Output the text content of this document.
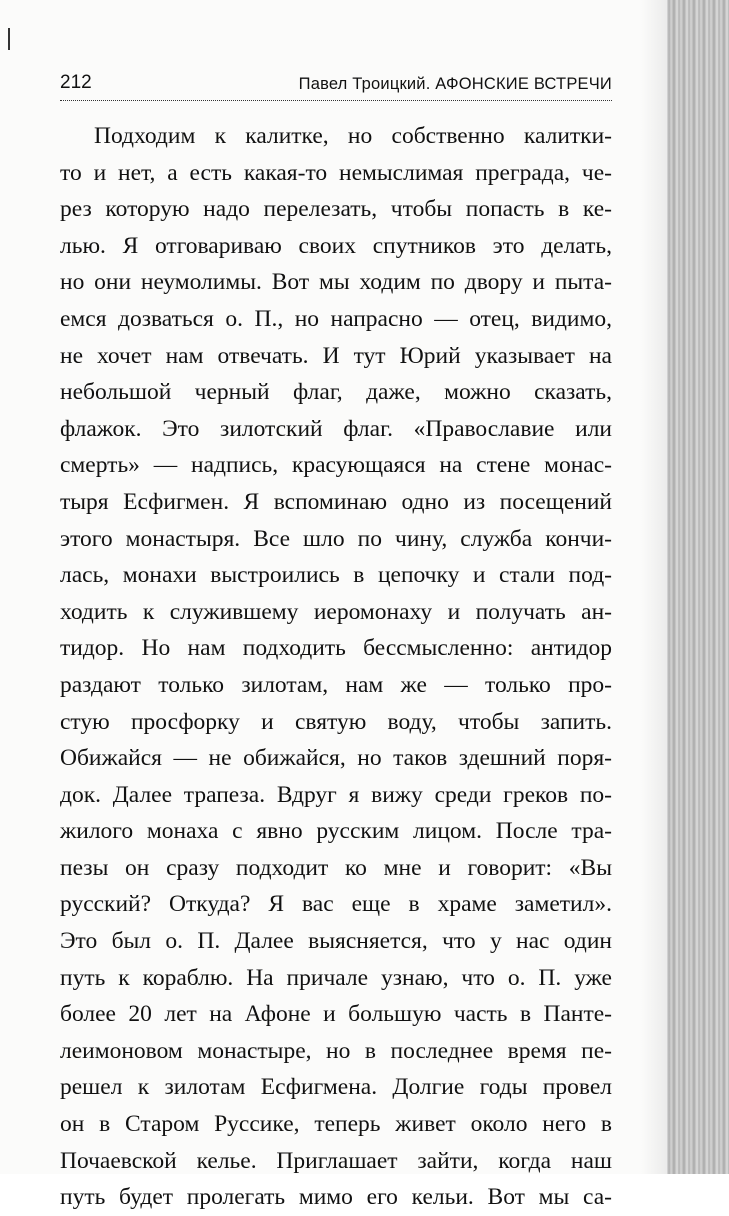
212	Павел Троицкий. АФОНСКИЕ ВСТРЕЧИ
Подходим к калитке, но собственно калитки-
то и нет, а есть какая-то немыслимая преграда, че-
рез которую надо перелезать, чтобы попасть в ке-
лью. Я отговариваю своих спутников это делать,
но они неумолимы. Вот мы ходим по двору и пыта-
емся дозваться о. П., но напрасно — отец, видимо,
не хочет нам отвечать. И тут Юрий указывает на
небольшой черный флаг, даже, можно сказать,
флажок. Это зилотский флаг. «Православие или
смерть» — надпись, красующаяся на стене монас-
тыря Есфигмен. Я вспоминаю одно из посещений
этого монастыря. Все шло по чину, служба кончи-
лась, монахи выстроились в цепочку и стали под-
ходить к служившему иеромонаху и получать ан-
тидор. Но нам подходить бессмысленно: антидор
раздают только зилотам, нам же — только про-
стую просфорку и святую воду, чтобы запить.
Обижайся — не обижайся, но таков здешний поря-
док. Далее трапеза. Вдруг я вижу среди греков по-
жилого монаха с явно русским лицом. После тра-
пезы он сразу подходит ко мне и говорит: «Вы
русский? Откуда? Я вас еще в храме заметил».
Это был о. П. Далее выясняется, что у нас один
путь к кораблю. На причале узнаю, что о. П. уже
более 20 лет на Афоне и большую часть в Панте-
леимоновом монастыре, но в последнее время пе-
решел к зилотам Есфигмена. Долгие годы провел
он в Старом Руссике, теперь живет около него в
Почаевской келье. Приглашает зайти, когда наш
путь будет пролегать мимо его кельи. Вот мы са-
